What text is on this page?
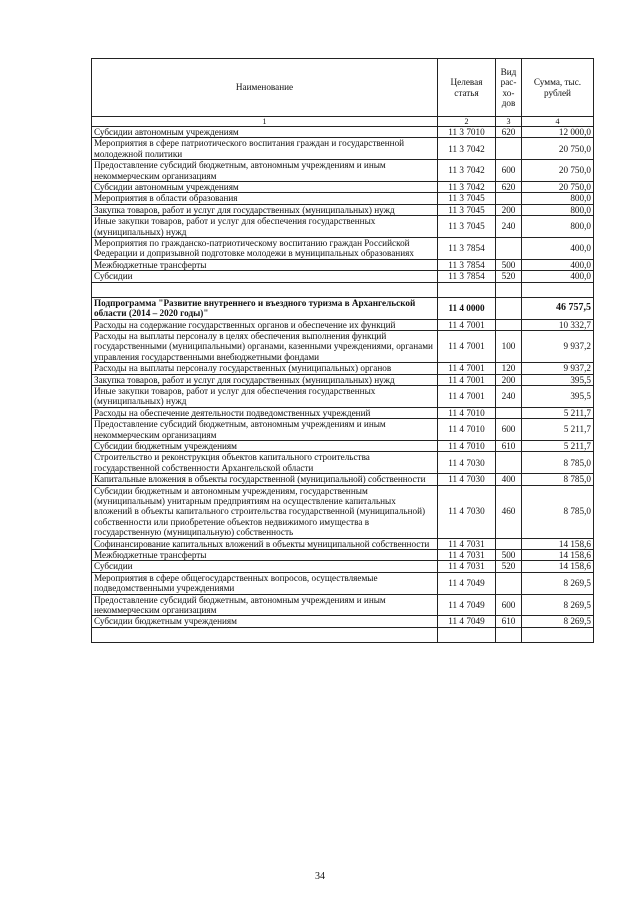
Наименование	Целевая статья	Вид рас-хо-дов	Сумма, тыс. рублей
1	2	3	4
Субсидии автономным учреждениям	11 3 7010	620	12 000,0
Мероприятия в сфере патриотического воспитания граждан и государственной молодежной политики	11 3 7042		20 750,0
Предоставление субсидий бюджетным, автономным учреждениям и иным некоммерческим организациям	11 3 7042	600	20 750,0
Субсидии автономным учреждениям	11 3 7042	620	20 750,0
Мероприятия в области образования	11 3 7045		800,0
Закупка товаров, работ и услуг для государственных (муниципальных) нужд	11 3 7045	200	800,0
Иные закупки товаров, работ и услуг для обеспечения государственных (муниципальных) нужд	11 3 7045	240	800,0
Мероприятия по гражданско-патриотическому воспитанию граждан Российской Федерации и допризывной подготовке молодежи в муниципальных образованиях	11 3 7854		400,0
Межбюджетные трансферты	11 3 7854	500	400,0
Субсидии	11 3 7854	520	400,0

Подпрограмма "Развитие внутреннего и въездного туризма в Архангельской области (2014 – 2020 годы)"	11 4 0000		46 757,5
Расходы на содержание государственных органов и обеспечение их функций	11 4 7001		10 332,7
Расходы на выплаты персоналу в целях обеспечения выполнения функций государственными (муниципальными) органами, казенными учреждениями, органами управления государственными внебюджетными фондами	11 4 7001	100	9 937,2
Расходы на выплаты персоналу государственных (муниципальных) органов	11 4 7001	120	9 937,2
Закупка товаров, работ и услуг для государственных (муниципальных) нужд	11 4 7001	200	395,5
Иные закупки товаров, работ и услуг для обеспечения государственных (муниципальных) нужд	11 4 7001	240	395,5
Расходы на обеспечение деятельности подведомственных учреждений	11 4 7010		5 211,7
Предоставление субсидий бюджетным, автономным учреждениям и иным некоммерческим организациям	11 4 7010	600	5 211,7
Субсидии бюджетным учреждениям	11 4 7010	610	5 211,7
Строительство и реконструкция объектов капитального строительства государственной собственности Архангельской области	11 4 7030		8 785,0
Капитальные вложения в объекты государственной (муниципальной) собственности	11 4 7030	400	8 785,0
Субсидии бюджетным и автономным учреждениям, государственным (муниципальным) унитарным предприятиям на осуществление капитальных вложений в объекты капитального строительства государственной (муниципальной) собственности или приобретение объектов недвижимого имущества в государственную (муниципальную) собственность	11 4 7030	460	8 785,0
Софинансирование капитальных вложений в объекты муниципальной собственности	11 4 7031		14 158,6
Межбюджетные трансферты	11 4 7031	500	14 158,6
Субсидии	11 4 7031	520	14 158,6
Мероприятия в сфере общегосударственных вопросов, осуществляемые подведомственными учреждениями	11 4 7049		8 269,5
Предоставление субсидий бюджетным, автономным учреждениям и иным некоммерческим организациям	11 4 7049	600	8 269,5
Субсидии бюджетным учреждениям	11 4 7049	610	8 269,5

34
